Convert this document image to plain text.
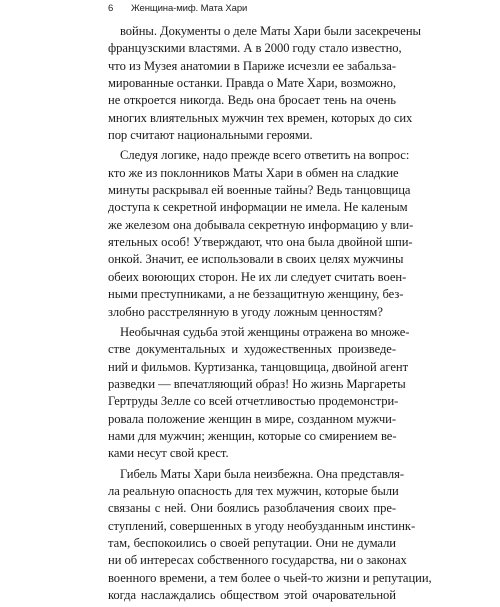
6 Женщина-миф. Мата Хари
войны. Документы о деле Маты Хари были засекречены
французскими властями. А в 2000 году стало известно,
что из Музея анатомии в Париже исчезли ее забальза-
мированные останки. Правда о Мате Хари, возможно,
не откроется никогда. Ведь она бросает тень на очень
многих влиятельных мужчин тех времен, которых до сих
пор считают национальными героями.
Следуя логике, надо прежде всего ответить на вопрос:
кто же из поклонников Маты Хари в обмен на сладкие
минуты раскрывал ей военные тайны? Ведь танцовщица
доступа к секретной информации не имела. Не каленым
же железом она добывала секретную информацию у вли-
ятельных особ! Утверждают, что она была двойной шпи-
онкой. Значит, ее использовали в своих целях мужчины
обеих воюющих сторон. Не их ли следует считать воен-
ными преступниками, а не беззащитную женщину, без-
злобно расстрелянную в угоду ложным ценностям?
Необычная судьба этой женщины отражена во множе-
стве документальных и художественных произведе-
ний и фильмов. Куртизанка, танцовщица, двойной агент
разведки — впечатляющий образ! Но жизнь Маргареты
Гертруды Зелле со всей отчетливостью продемонстри-
ровала положение женщин в мире, созданном мужчи-
нами для мужчин; женщин, которые со смирением ве-
ками несут свой крест.
Гибель Маты Хари была неизбежна. Она представля-
ла реальную опасность для тех мужчин, которые были
связаны с ней. Они боялись разоблачения своих пре-
ступлений, совершенных в угоду необузданным инстинк-
там, беспокоились о своей репутации. Они не думали
ни об интересах собственного государства, ни о законах
военного времени, а тем более о чьей-то жизни и репутации,
когда наслаждались обществом этой очаровательной
